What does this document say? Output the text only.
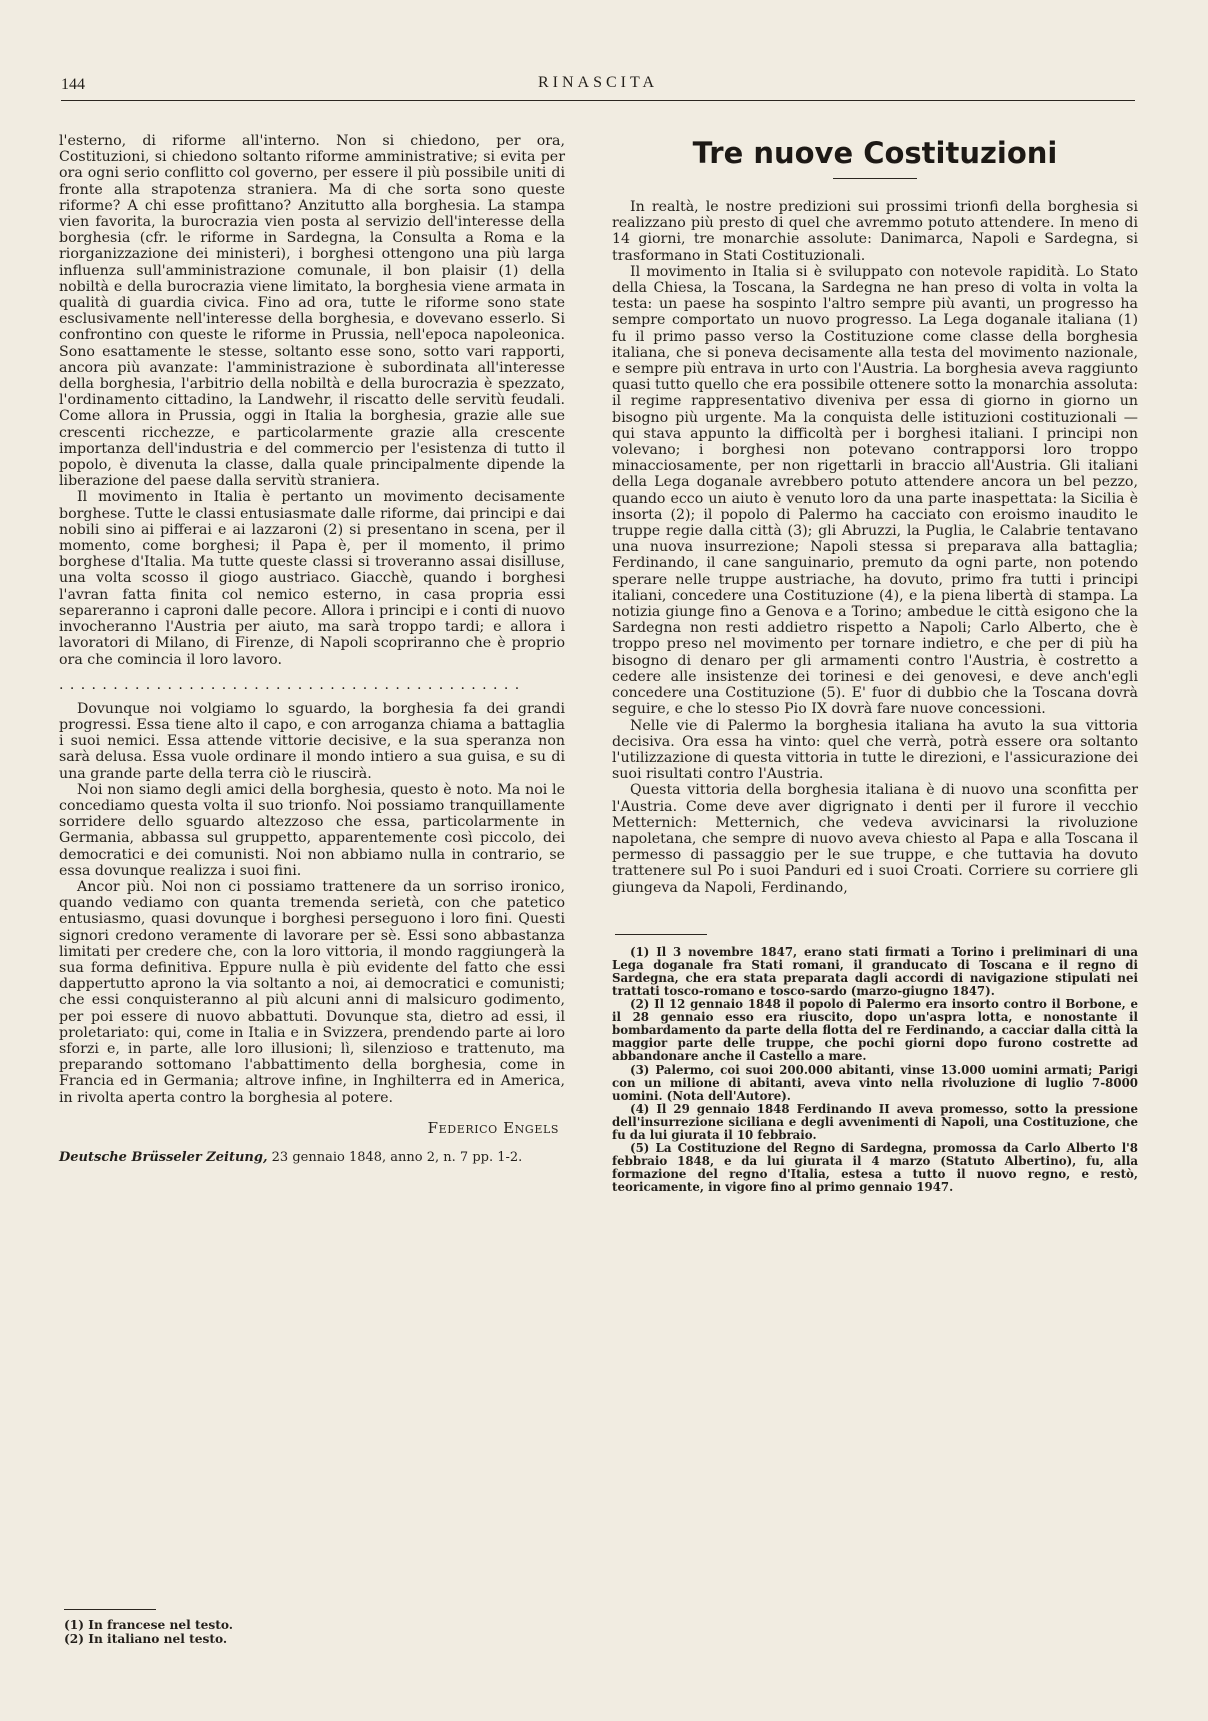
144	RINASCITA

l'esterno, di riforme all'interno. Non si chiedono, per ora, Costituzioni, si chiedono soltanto riforme amministrative; si evita per ora ogni serio conflitto col governo, per essere il più possibile uniti di fronte alla strapotenza straniera. Ma di che sorta sono queste riforme? A chi esse profittano? Anzitutto alla borghesia. La stampa vien favorita, la burocrazia vien posta al servizio dell'interesse della borghesia (cfr. le riforme in Sardegna, la Consulta a Roma e la riorganizzazione dei ministeri), i borghesi ottengono una più larga influenza sull'amministrazione comunale, il bon plaisir (1) della nobiltà e della burocrazia viene limitato, la borghesia viene armata in qualità di guardia civica. Fino ad ora, tutte le riforme sono state esclusivamente nell'interesse della borghesia, e dovevano esserlo. Si confrontino con queste le riforme in Prussia, nell'epoca napoleonica. Sono esattamente le stesse, soltanto esse sono, sotto vari rapporti, ancora più avanzate: l'amministrazione è subordinata all'interesse della borghesia, l'arbitrio della nobiltà e della burocrazia è spezzato, l'ordinamento cittadino, la Landwehr, il riscatto delle servitù feudali. Come allora in Prussia, oggi in Italia la borghesia, grazie alle sue crescenti ricchezze, e particolarmente grazie alla crescente importanza dell'industria e del commercio per l'esistenza di tutto il popolo, è divenuta la classe, dalla quale principalmente dipende la liberazione del paese dalla servitù straniera.

Il movimento in Italia è pertanto un movimento decisamente borghese. Tutte le classi entusiasmate dalle riforme, dai principi e dai nobili sino ai pifferai e ai lazzaroni (2) si presentano in scena, per il momento, come borghesi; il Papa è, per il momento, il primo borghese d'Italia. Ma tutte queste classi si troveranno assai disilluse, una volta scosso il giogo austriaco. Giacchè, quando i borghesi l'avran fatta finita col nemico esterno, in casa propria essi separeranno i caproni dalle pecore. Allora i principi e i conti di nuovo invocheranno l'Austria per aiuto, ma sarà troppo tardi; e allora i lavoratori di Milano, di Firenze, di Napoli scopriranno che è proprio ora che comincia il loro lavoro.

...........................................

Dovunque noi volgiamo lo sguardo, la borghesia fa dei grandi progressi. Essa tiene alto il capo, e con arroganza chiama a battaglia i suoi nemici. Essa attende vittorie decisive, e la sua speranza non sarà delusa. Essa vuole ordinare il mondo intiero a sua guisa, e su di una grande parte della terra ciò le riuscirà.

Noi non siamo degli amici della borghesia, questo è noto. Ma noi le concediamo questa volta il suo trionfo. Noi possiamo tranquillamente sorridere dello sguardo altezzoso che essa, particolarmente in Germania, abbassa sul gruppetto, apparentemente così piccolo, dei democratici e dei comunisti. Noi non abbiamo nulla in contrario, se essa dovunque realizza i suoi fini.

Ancor più. Noi non ci possiamo trattenere da un sorriso ironico, quando vediamo con quanta tremenda serietà, con che patetico entusiasmo, quasi dovunque i borghesi perseguono i loro fini. Questi signori credono veramente di lavorare per sè. Essi sono abbastanza limitati per credere che, con la loro vittoria, il mondo raggiungerà la sua forma definitiva. Eppure nulla è più evidente del fatto che essi dappertutto aprono la via soltanto a noi, ai democratici e comunisti; che essi conquisteranno al più alcuni anni di malsicuro godimento, per poi essere di nuovo abbattuti. Dovunque sta, dietro ad essi, il proletariato: qui, come in Italia e in Svizzera, prendendo parte ai loro sforzi e, in parte, alle loro illusioni; lì, silenzioso e trattenuto, ma preparando sottomano l'abbattimento della borghesia, come in Francia ed in Germania; altrove infine, in Inghilterra ed in America, in rivolta aperta contro la borghesia al potere.

Federico Engels
Deutsche Brüsseler Zeitung, 23 gennaio 1848, anno 2, n. 7 pp. 1-2.
(1) In francese nel testo.
(2) In italiano nel testo.
Tre nuove Costituzioni

In realtà, le nostre predizioni sui prossimi trionfi della borghesia si realizzano più presto di quel che avremmo potuto attendere. In meno di 14 giorni, tre monarchie assolute: Danimarca, Napoli e Sardegna, si trasformano in Stati Costituzionali.

Il movimento in Italia si è sviluppato con notevole rapidità. Lo Stato della Chiesa, la Toscana, la Sardegna ne han preso di volta in volta la testa: un paese ha sospinto l'altro sempre più avanti, un progresso ha sempre comportato un nuovo progresso. La Lega doganale italiana (1) fu il primo passo verso la Costituzione come classe della borghesia italiana, che si poneva decisamente alla testa del movimento nazionale, e sempre più entrava in urto con l'Austria. La borghesia aveva raggiunto quasi tutto quello che era possibile ottenere sotto la monarchia assoluta: il regime rappresentativo diveniva per essa di giorno in giorno un bisogno più urgente. Ma la conquista delle istituzioni costituzionali — qui stava appunto la difficoltà per i borghesi italiani. I principi non volevano; i borghesi non potevano contrapporsi loro troppo minacciosamente, per non rigettarli in braccio all'Austria. Gli italiani della Lega doganale avrebbero potuto attendere ancora un bel pezzo, quando ecco un aiuto è venuto loro da una parte inaspettata: la Sicilia è insorta (2); il popolo di Palermo ha cacciato con eroismo inaudito le truppe regie dalla città (3); gli Abruzzi, la Puglia, le Calabrie tentavano una nuova insurrezione; Napoli stessa si preparava alla battaglia; Ferdinando, il cane sanguinario, premuto da ogni parte, non potendo sperare nelle truppe austriache, ha dovuto, primo fra tutti i principi italiani, concedere una Costituzione (4), e la piena libertà di stampa. La notizia giunge fino a Genova e a Torino; ambedue le città esigono che la Sardegna non resti addietro rispetto a Napoli; Carlo Alberto, che è troppo preso nel movimento per tornare indietro, e che per di più ha bisogno di denaro per gli armamenti contro l'Austria, è costretto a cedere alle insistenze dei torinesi e dei genovesi, e deve anch'egli concedere una Costituzione (5). E' fuor di dubbio che la Toscana dovrà seguire, e che lo stesso Pio IX dovrà fare nuove concessioni.

Nelle vie di Palermo la borghesia italiana ha avuto la sua vittoria decisiva. Ora essa ha vinto: quel che verrà, potrà essere ora soltanto l'utilizzazione di questa vittoria in tutte le direzioni, e l'assicurazione dei suoi risultati contro l'Austria.

Questa vittoria della borghesia italiana è di nuovo una sconfitta per l'Austria. Come deve aver digrignato i denti per il furore il vecchio Metternich: Metternich, che vedeva avvicinarsi la rivoluzione napoletana, che sempre di nuovo aveva chiesto al Papa e alla Toscana il permesso di passaggio per le sue truppe, e che tuttavia ha dovuto trattenere sul Po i suoi Panduri ed i suoi Croati. Corriere su corriere gli giungeva da Napoli, Ferdinando,

(1) Il 3 novembre 1847, erano stati firmati a Torino i preliminari di una Lega doganale fra Stati romani, il granducato di Toscana e il regno di Sardegna, che era stata preparata dagli accordi di navigazione stipulati nei trattati tosco-romano e tosco-sardo (marzo-giugno 1847).

(2) Il 12 gennaio 1848 il popolo di Palermo era insorto contro il Borbone, e il 28 gennaio esso era riuscito, dopo un'aspra lotta, e nonostante il bombardamento da parte della flotta del re Ferdinando, a cacciar dalla città la maggior parte delle truppe, che pochi giorni dopo furono costrette ad abbandonare anche il Castello a mare.

(3) Palermo, coi suoi 200.000 abitanti, vinse 13.000 uomini armati; Parigi con un milione di abitanti, aveva vinto nella rivoluzione di luglio 7-8000 uomini. (Nota dell'Autore).

(4) Il 29 gennaio 1848 Ferdinando II aveva promesso, sotto la pressione dell'insurrezione siciliana e degli avvenimenti di Napoli, una Costituzione, che fu da lui giurata il 10 febbraio.

(5) La Costituzione del Regno di Sardegna, promossa da Carlo Alberto l'8 febbraio 1848, e da lui giurata il 4 marzo (Statuto Albertino), fu, alla formazione del regno d'Italia, estesa a tutto il nuovo regno, e restò, teoricamente, in vigore fino al primo gennaio 1947.
